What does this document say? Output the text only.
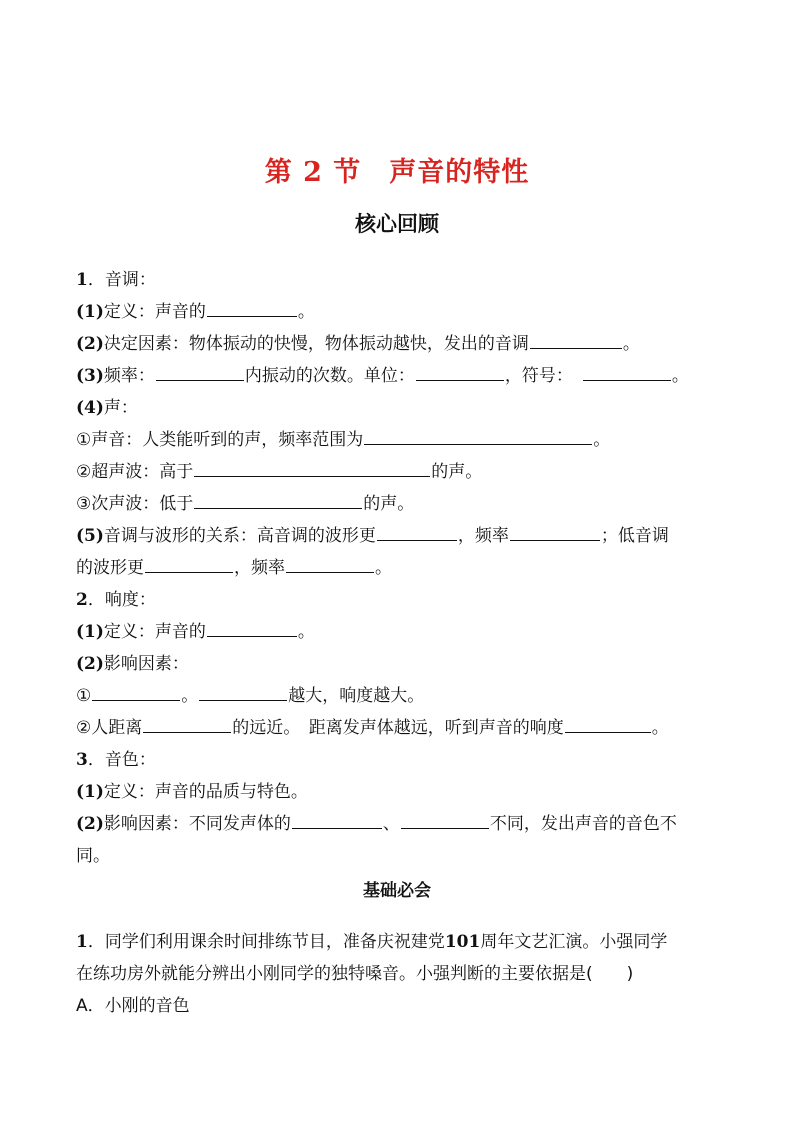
第 2 节　声音的特性
核心回顾
1．音调：
(1)定义：声音的	。
(2)决定因素：物体振动的快慢，物体振动越快，发出的音调	。
(3)频率：	内振动的次数。单位：	，符号：	。
(4)声：
①声音：人类能听到的声，频率范围为	。
②超声波：高于	的声。
③次声波：低于	的声。
(5)音调与波形的关系：高音调的波形更	，频率	；低音调
的波形更	，频率	。
2．响度：
(1)定义：声音的	。
(2)影响因素：
①	。	越大，响度越大。
②人距离	的远近。　距离发声体越远，听到声音的响度	。
3．音色：
(1)定义：声音的品质与特色。
(2)影响因素：不同发声体的	、	不同，发出声音的音色不
同。
基础必会
1．同学们利用课余时间排练节目，准备庆祝建党101周年文艺汇演。小强同学
在练功房外就能分辨出小刚同学的独特嗓音。小强判断的主要依据是(　　)
A．小刚的音色
